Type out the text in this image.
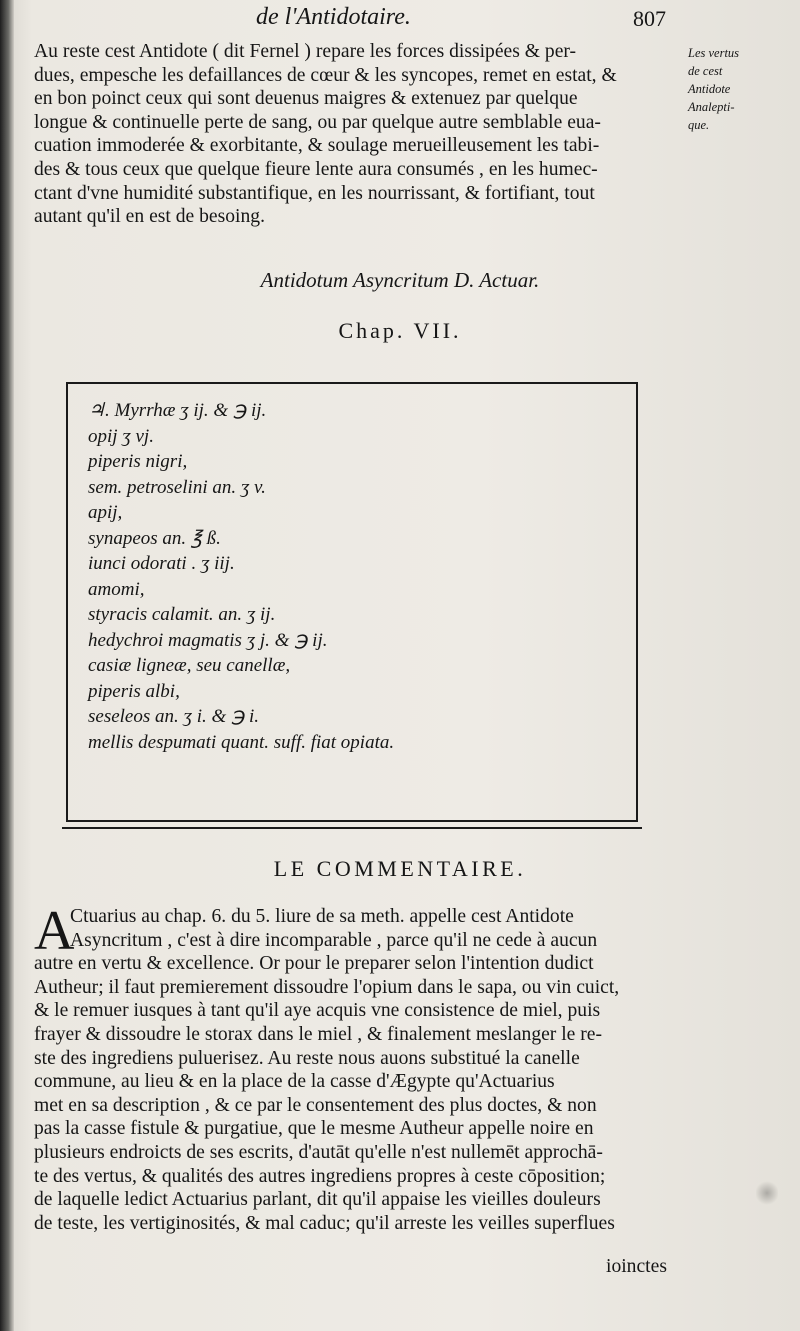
de l'Antidotaire.	807
Au reste cest Antidote ( dit Fernel ) repare les forces dissipées & per-
dues, empesche les defaillances de cœur & les syncopes, remet en estat, &
en bon poinct ceux qui sont deuenus maigres & extenuez par quelque
longue & continuelle perte de sang, ou par quelque autre semblable eua-
cuation immoderée & exorbitante, & soulage merueilleusement les tabi-
des & tous ceux que quelque fieure lente aura consumés , en les humec-
ctant d'vne humidité substantifique, en les nourrissant, & fortifiant, tout
autant qu'il en est de besoing.
Les vertus
de cest
Antidote
Analepti-
que.
Antidotum Asyncritum D. Actuar.
Chap. VII.
♃. Myrrhæ ʒ ij. & ℈ ij.
opij ʒ vj.
piperis nigri,
sem. petroselini an. ʒ v.
apij,
synapeos an. ℥ ß.
iunci odorati . ʒ iij.
amomi,
styracis calamit. an. ʒ ij.
hedychroi magmatis ʒ j. & ℈ ij.
casiæ ligneæ, seu canellæ,
piperis albi,
seseleos an. ʒ i. & ℈ i.
mellis despumati quant. suff. fiat opiata.
LE COMMENTAIRE.
A
Ctuarius au chap. 6. du 5. liure de sa meth. appelle cest Antidote
Asyncritum , c'est à dire incomparable , parce qu'il ne cede à aucun
autre en vertu & excellence. Or pour le preparer selon l'intention dudict
Autheur; il faut premierement dissoudre l'opium dans le sapa, ou vin cuict,
& le remuer iusques à tant qu'il aye acquis vne consistence de miel, puis
frayer & dissoudre le storax dans le miel , & finalement meslanger le re-
ste des ingrediens puluerisez. Au reste nous auons substitué la canelle
commune, au lieu & en la place de la casse d'Ægypte qu'Actuarius
met en sa description , & ce par le consentement des plus doctes, & non
pas la casse fistule & purgatiue, que le mesme Autheur appelle noire en
plusieurs endroicts de ses escrits, d'autāt qu'elle n'est nullemēt approchā-
te des vertus, & qualités des autres ingrediens propres à ceste cōposition;
de laquelle ledict Actuarius parlant, dit qu'il appaise les vieilles douleurs
de teste, les vertiginosités, & mal caduc; qu'il arreste les veilles superflues
ioinctes
